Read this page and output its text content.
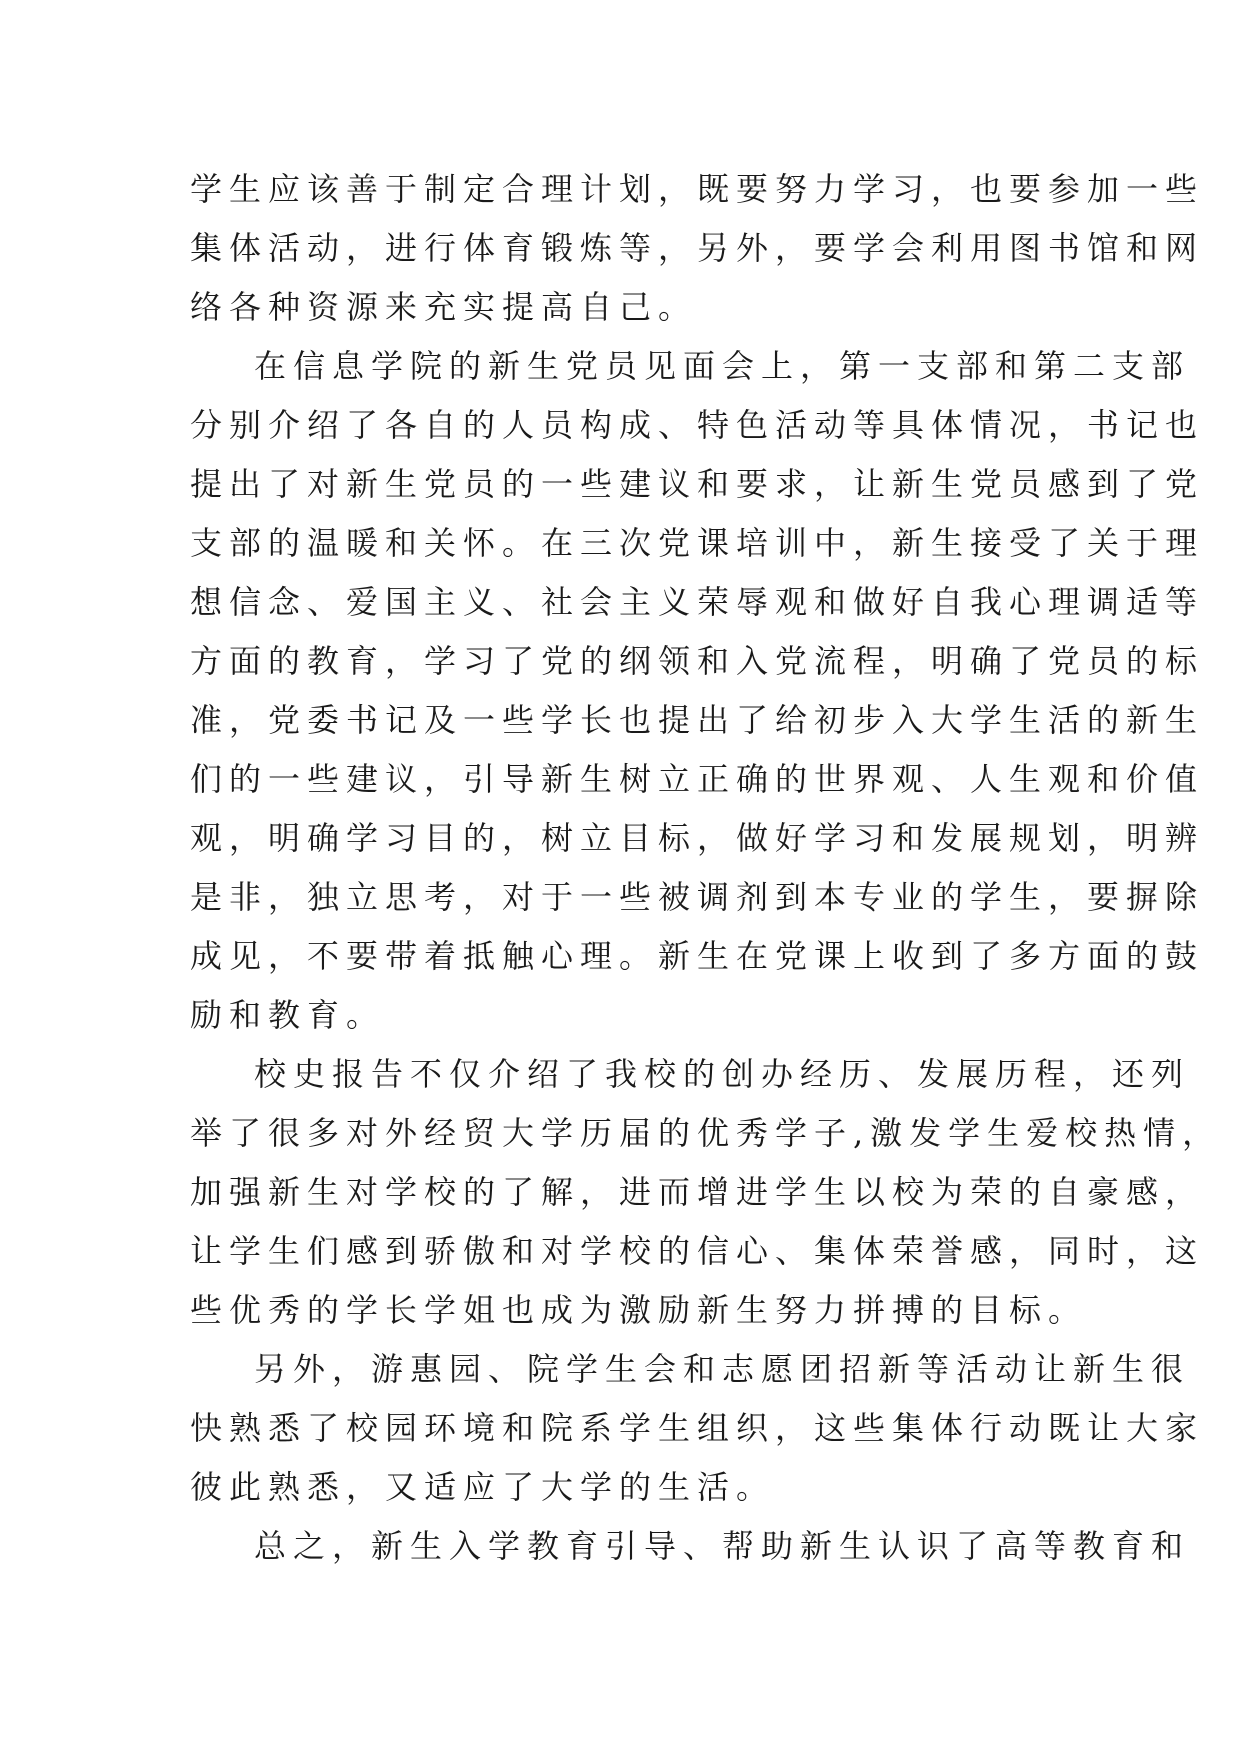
学生应该善于制定合理计划，既要努力学习，也要参加一些
集体活动，进行体育锻炼等，另外，要学会利用图书馆和网
络各种资源来充实提高自己。

在信息学院的新生党员见面会上，第一支部和第二支部
分别介绍了各自的人员构成、特色活动等具体情况，书记也
提出了对新生党员的一些建议和要求，让新生党员感到了党
支部的温暖和关怀。在三次党课培训中，新生接受了关于理
想信念、爱国主义、社会主义荣辱观和做好自我心理调适等
方面的教育，学习了党的纲领和入党流程，明确了党员的标
准，党委书记及一些学长也提出了给初步入大学生活的新生
们的一些建议，引导新生树立正确的世界观、人生观和价值
观，明确学习目的，树立目标，做好学习和发展规划，明辨
是非，独立思考，对于一些被调剂到本专业的学生，要摒除
成见，不要带着抵触心理。新生在党课上收到了多方面的鼓
励和教育。

校史报告不仅介绍了我校的创办经历、发展历程，还列
举了很多对外经贸大学历届的优秀学子,激发学生爱校热情，
加强新生对学校的了解，进而增进学生以校为荣的自豪感，
让学生们感到骄傲和对学校的信心、集体荣誉感，同时，这
些优秀的学长学姐也成为激励新生努力拼搏的目标。

另外，游惠园、院学生会和志愿团招新等活动让新生很
快熟悉了校园环境和院系学生组织，这些集体行动既让大家
彼此熟悉，又适应了大学的生活。

总之，新生入学教育引导、帮助新生认识了高等教育和
